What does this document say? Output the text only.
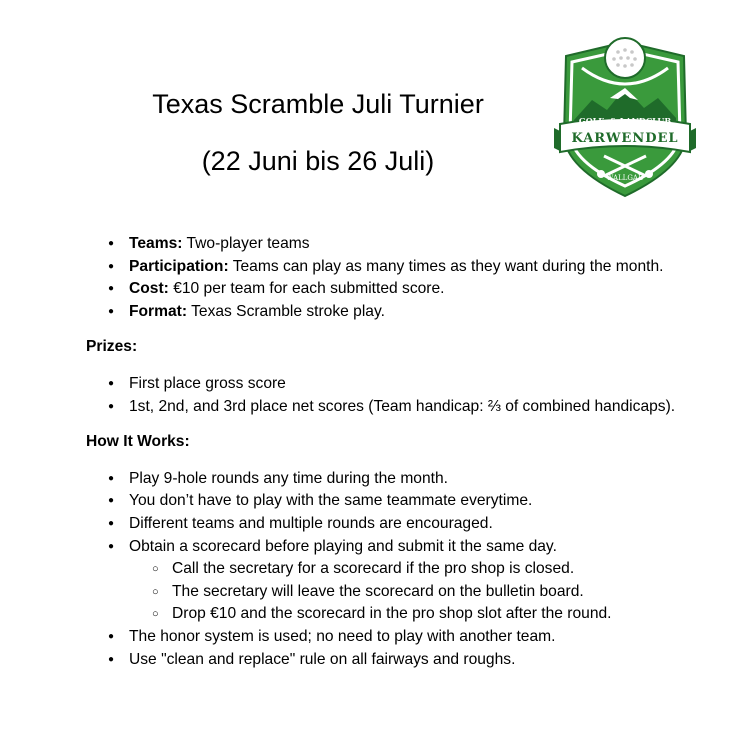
Texas Scramble Juli Turnier
(22 Juni bis 26 Juli)
GOLF- & LANDCLUB
KARWENDEL
WALLGAU
● Teams: Two-player teams
● Participation: Teams can play as many times as they want during the month.
● Cost: €10 per team for each submitted score.
● Format: Texas Scramble stroke play.
Prizes:
● First place gross score
● 1st, 2nd, and 3rd place net scores (Team handicap: ⅔ of combined handicaps).
How It Works:
● Play 9-hole rounds any time during the month.
● You don’t have to play with the same teammate everytime.
● Different teams and multiple rounds are encouraged.
● Obtain a scorecard before playing and submit it the same day.
○ Call the secretary for a scorecard if the pro shop is closed.
○ The secretary will leave the scorecard on the bulletin board.
○ Drop €10 and the scorecard in the pro shop slot after the round.
● The honor system is used; no need to play with another team.
● Use "clean and replace" rule on all fairways and roughs.
